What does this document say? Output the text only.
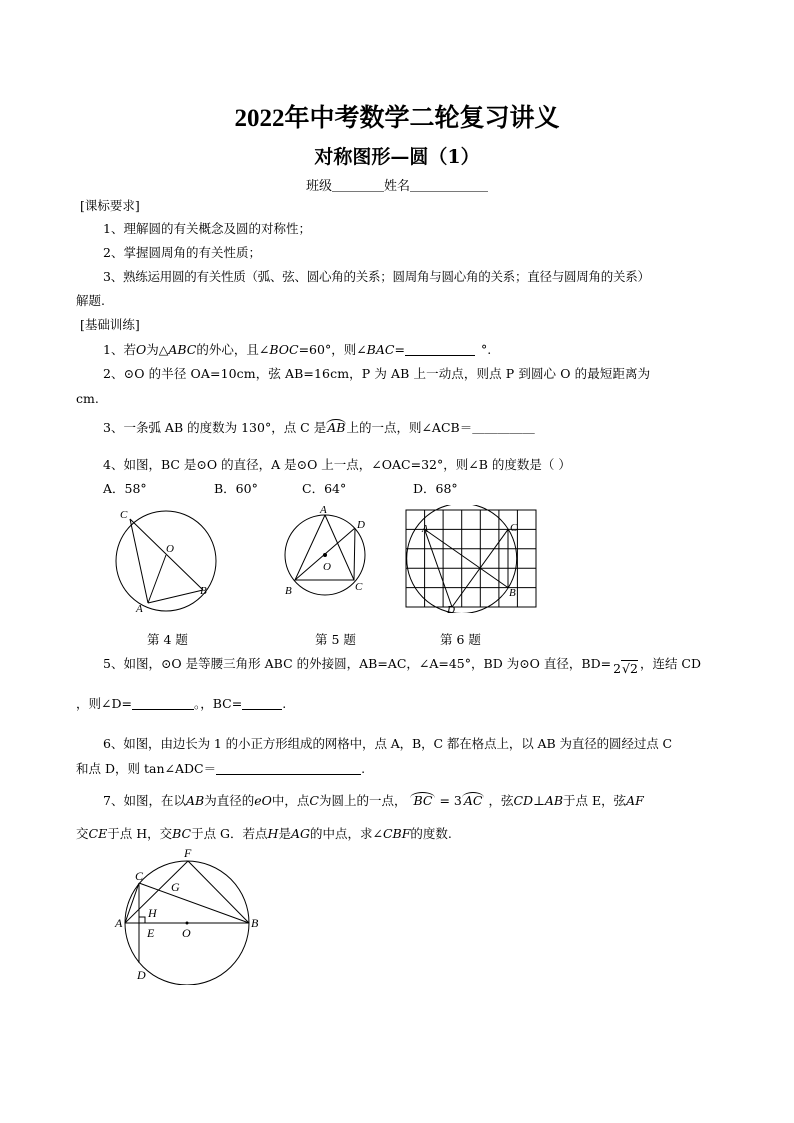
2022年中考数学二轮复习讲义
对称图形—圆（1）
班级＿＿＿＿姓名＿＿＿＿＿＿
[课标要求]
1、理解圆的有关概念及圆的对称性；
2、掌握圆周角的有关性质；
3、熟练运用圆的有关性质（弧、弦、圆心角的关系；圆周角与圆心角的关系；直径与圆周角的关系）
解题.
[基础训练]
1、若O为△ABC的外心，且∠BOC=60°，则∠BAC=	°.
2、⊙O 的半径 OA=10cm，弦 AB=16cm，P 为 AB 上一动点，则点 P 到圆心 O 的最短距离为
cm.
3、一条弧 AB 的度数为 130°，点 C 是AB上的一点，则∠ACB＝＿＿＿＿＿
4、如图，BC 是⊙O 的直径，A 是⊙O 上一点，∠OAC=32°，则∠B 的度数是（ ）
A．58°	B．60°	C．64°	D．68°
C
O
B
A
A
D
O
B	C
A	C
D
B
第 4 题	第 5 题	第 6 题
5、如图，⊙O 是等腰三角形 ABC 的外接圆，AB=AC，∠A=45°，BD 为⊙O 直径，BD= 2√2 ，连结 CD
，则∠D=	。，BC=	.
6、如图，由边长为 1 的小正方形组成的网格中，点 A，B，C 都在格点上，以 AB 为直径的圆经过点 C
和点 D，则 tan∠ADC＝	.
7、如图，在以AB为直径的eO中，点C为圆上的一点， BC = 3 AC ，弦CD⊥AB于点 E，弦AF
交CE于点 H，交BC于点 G．若点H是AG的中点，求∠CBF的度数.
F
C
G
H
A
E O
B
D
